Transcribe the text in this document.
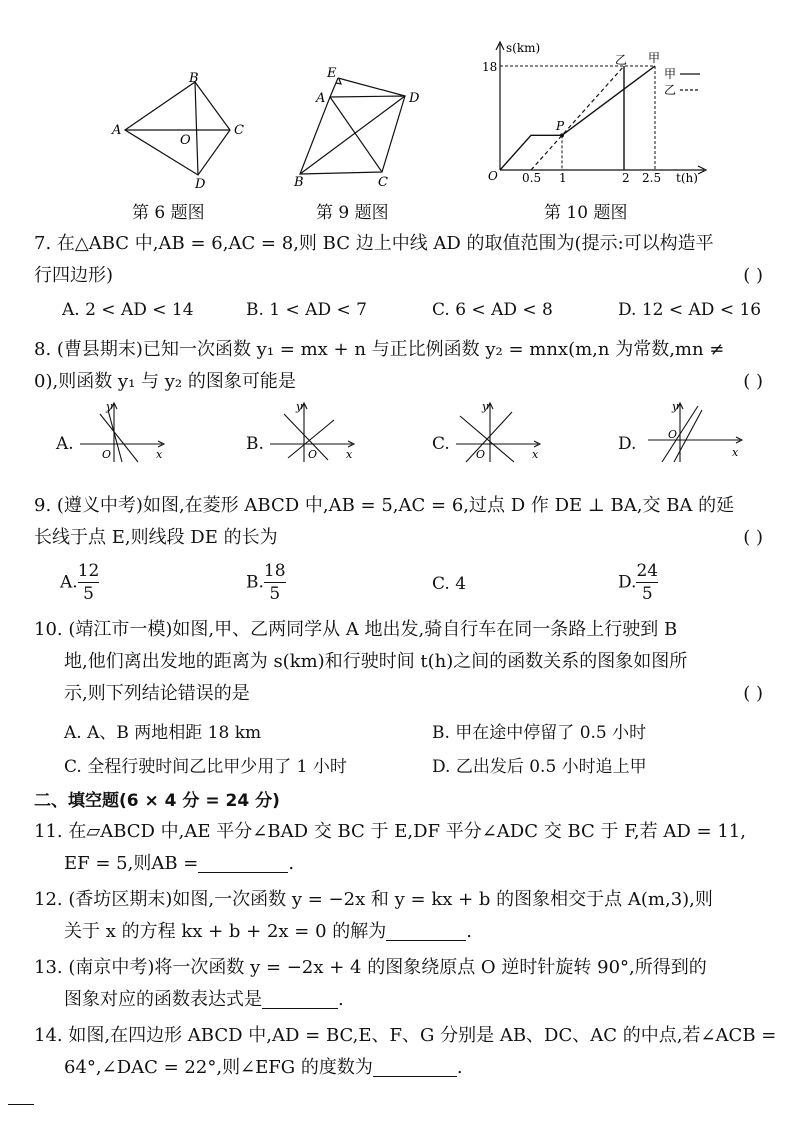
B
A
O
C
D
第 6 题图
E
A	D
B	C
第 9 题图
s(km)
t(h)
O
18
0.5 1	2 2.5
P
乙 甲
甲
乙
第 10 题图
7. 在△ABC 中,AB = 6,AC = 8,则 BC 边上中线 AD 的取值范围为(提示:可以构造平
行四边形)	( )
A. 2 < AD < 14	B. 1 < AD < 7	C. 6 < AD < 8	D. 12 < AD < 16
8. (曹县期末)已知一次函数 y₁ = mx + n 与正比例函数 y₂ = mnx(m,n 为常数,mn ≠
0),则函数 y₁ 与 y₂ 的图象可能是	( )
A.
y
O	x
B.
y
O	x
C.
y
O	x
D.
y
O
x
9. (遵义中考)如图,在菱形 ABCD 中,AB = 5,AC = 6,过点 D 作 DE ⊥ BA,交 BA 的延
长线于点 E,则线段 DE 的长为	( )
A. $\frac{12}{5}$	B. $\frac{18}{5}$	C. 4	D. $\frac{24}{5}$
10. (靖江市一模)如图,甲、乙两同学从 A 地出发,骑自行车在同一条路上行驶到 B
地,他们离出发地的距离为 s(km)和行驶时间 t(h)之间的函数关系的图象如图所
示,则下列结论错误的是	( )
A. A、B 两地相距 18 km	B. 甲在途中停留了 0.5 小时
C. 全程行驶时间乙比甲少用了 1 小时	D. 乙出发后 0.5 小时追上甲
二、填空题(6 × 4 分 = 24 分)
11. 在▱ABCD 中,AE 平分∠BAD 交 BC 于 E,DF 平分∠ADC 交 BC 于 F,若 AD = 11,
EF = 5,则AB =	.
12. (香坊区期末)如图,一次函数 y = −2x 和 y = kx + b 的图象相交于点 A(m,3),则
关于 x 的方程 kx + b + 2x = 0 的解为	.
13. (南京中考)将一次函数 y = −2x + 4 的图象绕原点 O 逆时针旋转 90°,所得到的
图象对应的函数表达式是	.
14. 如图,在四边形 ABCD 中,AD = BC,E、F、G 分别是 AB、DC、AC 的中点,若∠ACB =
64°,∠DAC = 22°,则∠EFG 的度数为	.
